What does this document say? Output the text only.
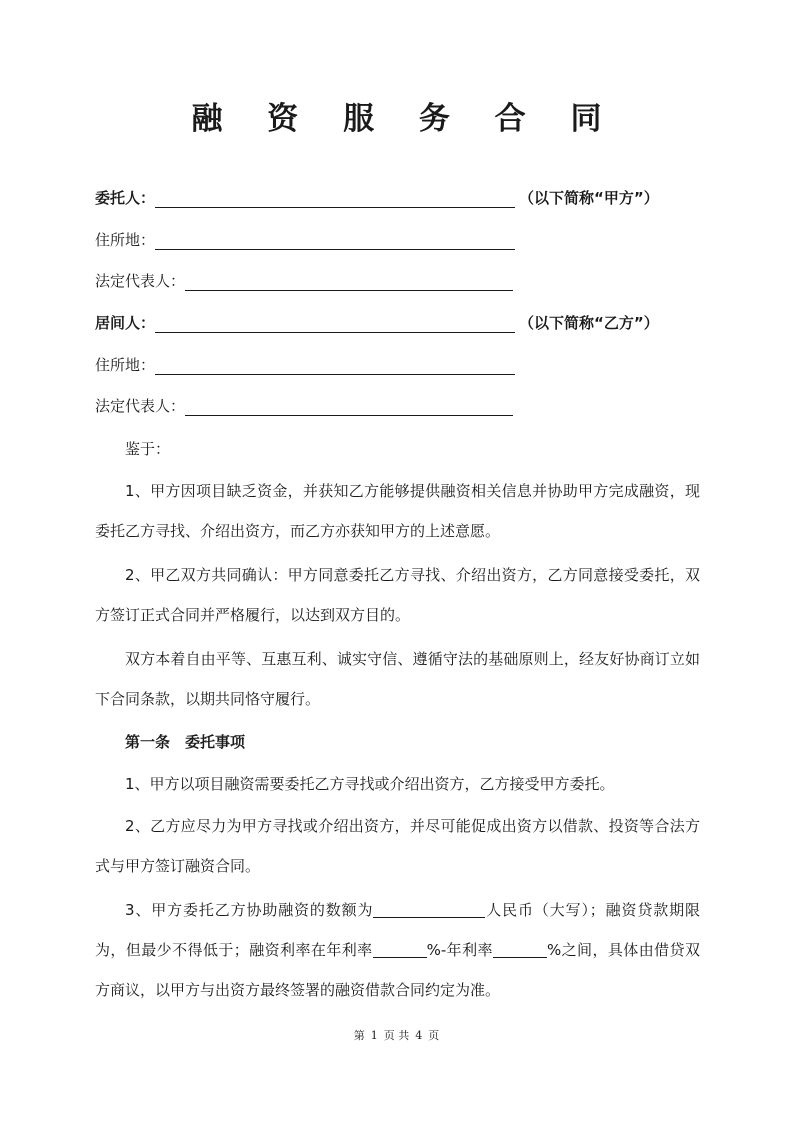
融 资 服 务 合 同
委托人：	（以下简称“甲方”）
住所地：
法定代表人：
居间人：	（以下简称“乙方”）
住所地：
法定代表人：
鉴于：
1、甲方因项目缺乏资金，并获知乙方能够提供融资相关信息并协助甲方完成融资，现委托乙方寻找、介绍出资方，而乙方亦获知甲方的上述意愿。
2、甲乙双方共同确认：甲方同意委托乙方寻找、介绍出资方，乙方同意接受委托，双方签订正式合同并严格履行，以达到双方目的。
双方本着自由平等、互惠互利、诚实守信、遵循守法的基础原则上，经友好协商订立如下合同条款，以期共同恪守履行。
第一条　委托事项
1、甲方以项目融资需要委托乙方寻找或介绍出资方，乙方接受甲方委托。
2、乙方应尽力为甲方寻找或介绍出资方，并尽可能促成出资方以借款、投资等合法方式与甲方签订融资合同。
3、甲方委托乙方协助融资的数额为	人民币（大写）；融资贷款期限为，但最少不得低于；融资利率在年利率	%-年利率	%之间，具体由借贷双方商议，以甲方与出资方最终签署的融资借款合同约定为准。
第 1 页 共 4 页
